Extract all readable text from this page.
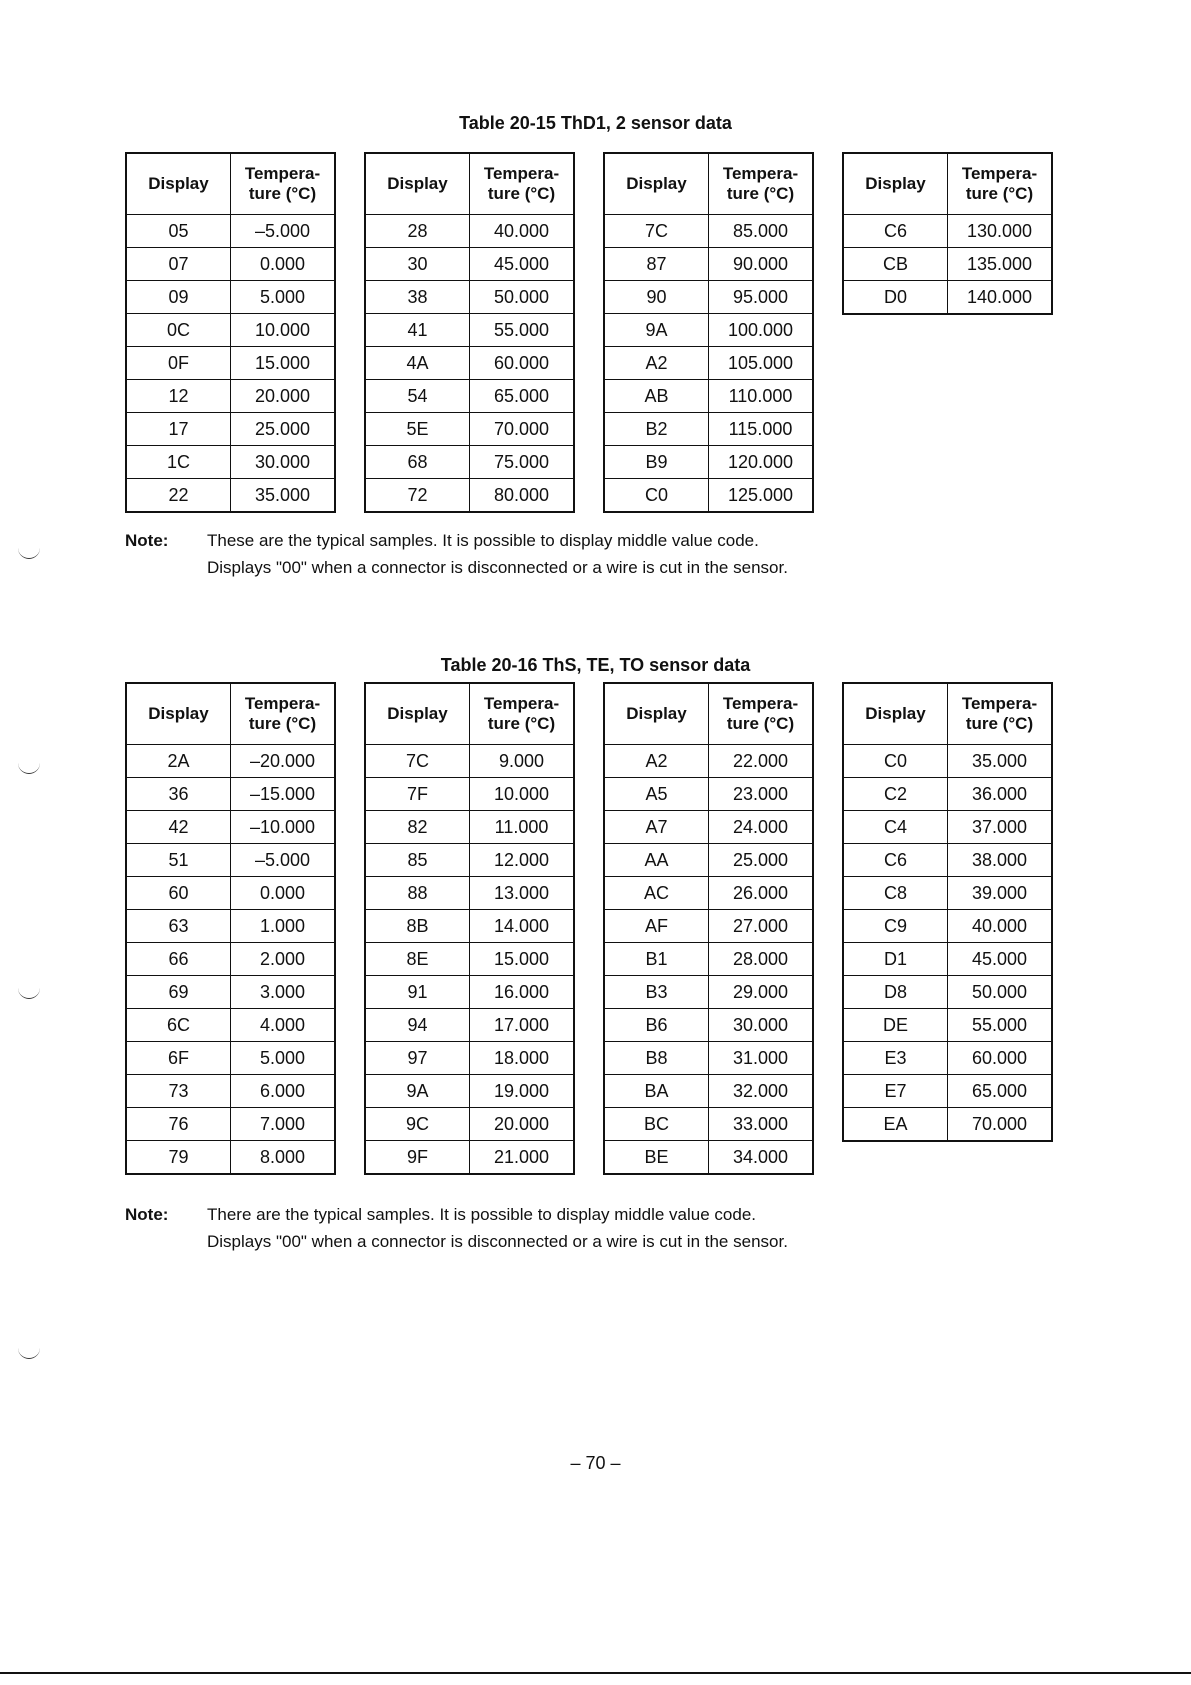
Table 20-15 ThD1, 2 sensor data
Display	Tempera-
ture (°C)
05	–5.000
07	0.000
09	5.000
0C	10.000
0F	15.000
12	20.000
17	25.000
1C	30.000
22	35.000
Display	Tempera-
ture (°C)
28	40.000
30	45.000
38	50.000
41	55.000
4A	60.000
54	65.000
5E	70.000
68	75.000
72	80.000
Display	Tempera-
ture (°C)
7C	85.000
87	90.000
90	95.000
9A	100.000
A2	105.000
AB	110.000
B2	115.000
B9	120.000
C0	125.000
Display	Tempera-
ture (°C)
C6	130.000
CB	135.000
D0	140.000
Note: These are the typical samples. It is possible to display middle value code.
Displays "00" when a connector is disconnected or a wire is cut in the sensor.
Table 20-16 ThS, TE, TO sensor data
Display	Tempera-
ture (°C)
2A	–20.000
36	–15.000
42	–10.000
51	–5.000
60	0.000
63	1.000
66	2.000
69	3.000
6C	4.000
6F	5.000
73	6.000
76	7.000
79	8.000
Display	Tempera-
ture (°C)
7C	9.000
7F	10.000
82	11.000
85	12.000
88	13.000
8B	14.000
8E	15.000
91	16.000
94	17.000
97	18.000
9A	19.000
9C	20.000
9F	21.000
Display	Tempera-
ture (°C)
A2	22.000
A5	23.000
A7	24.000
AA	25.000
AC	26.000
AF	27.000
B1	28.000
B3	29.000
B6	30.000
B8	31.000
BA	32.000
BC	33.000
BE	34.000
Display	Tempera-
ture (°C)
C0	35.000
C2	36.000
C4	37.000
C6	38.000
C8	39.000
C9	40.000
D1	45.000
D8	50.000
DE	55.000
E3	60.000
E7	65.000
EA	70.000
Note: There are the typical samples. It is possible to display middle value code.
Displays "00" when a connector is disconnected or a wire is cut in the sensor.
– 70 –
